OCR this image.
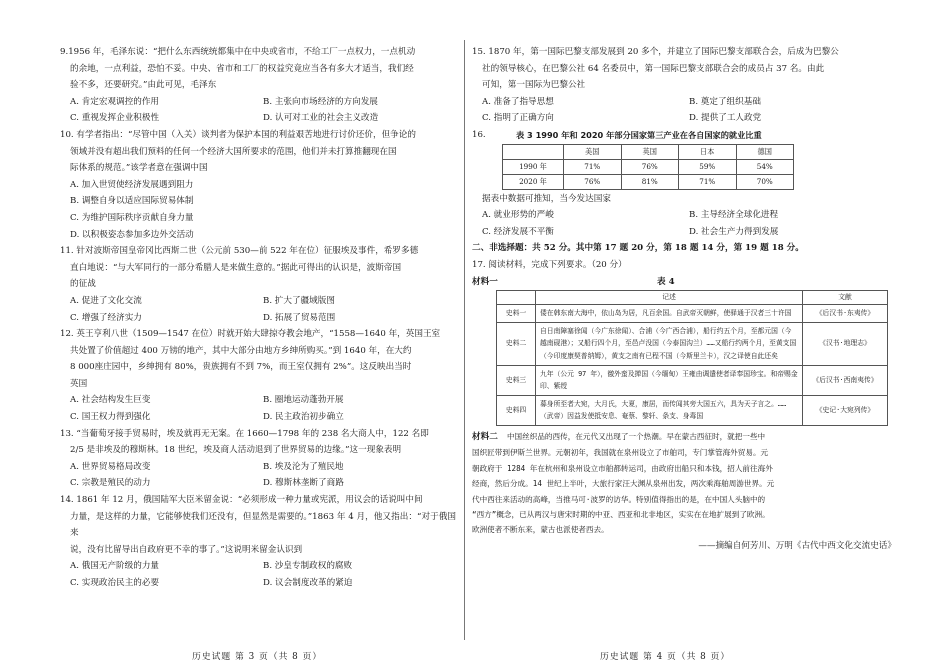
9.1956 年，毛泽东说：“把什么东西统统都集中在中央或省市，不给工厂一点权力，一点机动

的余地，一点利益，恐怕不妥。中央、省市和工厂的权益究竟应当各有多大才适当，我们经

验不多，还要研究。”由此可见，毛泽东

A. 肯定宏观调控的作用	B. 主张向市场经济的方向发展
C. 重视发挥企业积极性	D. 认可对工业的社会主义改造

10. 有学者指出：“尽管中国（入关）谈判者为保护本国的利益艰苦地进行讨价还价，但争论的

领域并没有超出我们预料的任何一个经济大国所要求的范围，他们并未打算推翻现在国

际体系的规范。”该学者意在强调中国

A. 加入世贸使经济发展遇到阻力
B. 调整自身以适应国际贸易体制
C. 为维护国际秩序贡献自身力量
D. 以积极姿态参加多边外交活动

11. 针对波斯帝国皇帝冈比西斯二世（公元前 530—前 522 年在位）征服埃及事件，希罗多德

直白地说：“与大军同行的一部分希腊人是来做生意的。”据此可得出的认识是，波斯帝国

的征战

A. 促进了文化交流	B. 扩大了疆域版图
C. 增强了经济实力	D. 拓展了贸易范围

12. 英王亨利八世（1509—1547 在位）时就开始大肆掠夺教会地产，“1558—1640 年，英国王室

共处置了价值超过 400 万镑的地产，其中大部分由地方乡绅所购买。”到 1640 年，在大约

8 000座庄园中，乡绅拥有 80%，贵族拥有不到 7%，而王室仅拥有 2%”。这反映出当时

英国

A. 社会结构发生巨变	B. 圈地运动蓬勃开展
C. 国王权力得到强化	D. 民主政治初步确立

13. “当葡萄牙接手贸易时，埃及就再无无案。在 1660—1798 年的 238 名大商人中，122 名即

2/5 是非埃及的穆斯林。18 世纪，埃及商人活动退到了世界贸易的边缘。”这一现象表明

A. 世界贸易格局改变	B. 埃及沦为了殖民地
C. 宗教是殖民的动力	D. 穆斯林垄断了商路

14. 1861 年 12 月，俄国陆军大臣米留金说：“必须形成一种力量或宪派，用议会的话说叫中间

力量，是这样的力量，它能够使我们还没有，但显然是需要的。”1863 年 4 月，他又指出：“对于俄国来

说，没有比留导出自政府更不幸的事了。”这说明米留金认识到

A. 俄国无产阶级的力量	B. 沙皇专制政权的腐败
C. 实现政治民主的必要	D. 议会制度改革的紧迫

15. 1870 年，第一国际巴黎支部发展到 20 多个，并建立了国际巴黎支部联合会，后成为巴黎公

社的领导核心，在巴黎公社 64 名委员中，第一国际巴黎支部联合会的成员占 37 名。由此

可知，第一国际为巴黎公社

A. 准备了指导思想	B. 奠定了组织基础
C. 指明了正确方向	D. 提供了工人政党
16.	表 3 1990 年和 2020 年部分国家第三产业在各自国家的就业比重
	美国	英国	日本	德国
1990 年	71%	76%	59%	54%
2020 年	76%	81%	71%	70%

据表中数据可推知，当今发达国家

A. 就业形势的严峻	B. 主导经济全球化进程
C. 经济发展不平衡	D. 社会生产力得到发展

二、非选择题：共 52 分。其中第 17 题 20 分，第 18 题 14 分，第 19 题 18 分。

17. 阅读材料，完成下列要求。（20 分）

材料一	表 4
	记述	文献
史料一	倭在韩东南大海中，依山岛为居，凡百余国。自武帝灭朝鲜，使驿通于汉者三十许国	《后汉书·东夷传》
史料二	自日南障塞徐闻（今广东徐闻）、合浦（今广西合浦），船行约五个月，至都元国（今越南砚港）；又船行四个月，至邑卢没国（今泰国沟兰）……又船行约两个月，至黄支国（今印度康契普纳姆），黄支之南有已程不国（今斯里兰卡），汉之译使自此还矣	《汉书·地理志》
史料三	九年（公元 97 年），徼外蛮及掸国（今缅甸）王雍由调遣使者译奉国珍宝。和帝赐金印、紫绶	《后汉书·西南夷传》
史料四	募身所至者大宛，大月氏，大夏，康居，而传闻其旁大国五六，具为天子言之。……（武帝）因益发使抵安息、奄蔡、黎轩、条支、身毒国	《史记·大宛列传》

材料二 中国丝织品的西传，在元代又出现了一个热潮。早在蒙古西征时，就把一些中

国织匠带到伊斯兰世界。元朝初年，我国就在泉州设立了市舶司，专门掌管海外贸易。元

朝政府于 1284 年在杭州和泉州设立市舶都转运司，由政府出船只和本钱，招人前往海外

经商，然后分成。14 世纪上半叶，大旅行家汪大渊从泉州出发，两次乘海舶周游世界。元

代中西往来活动的高峰，当推马可·波罗的访华。特别值得指出的是，在中国人头脑中的

“西方”概念，已从两汉与唐宋时期的中亚、西亚和北非地区，实实在在地扩展到了欧洲。

欧洲使者不断东来，蒙古也派使者西去。

——摘编自何芳川、万明《古代中西文化交流史话》

历史试题 第 3 页（共 8 页）	历史试题 第 4 页（共 8 页）
